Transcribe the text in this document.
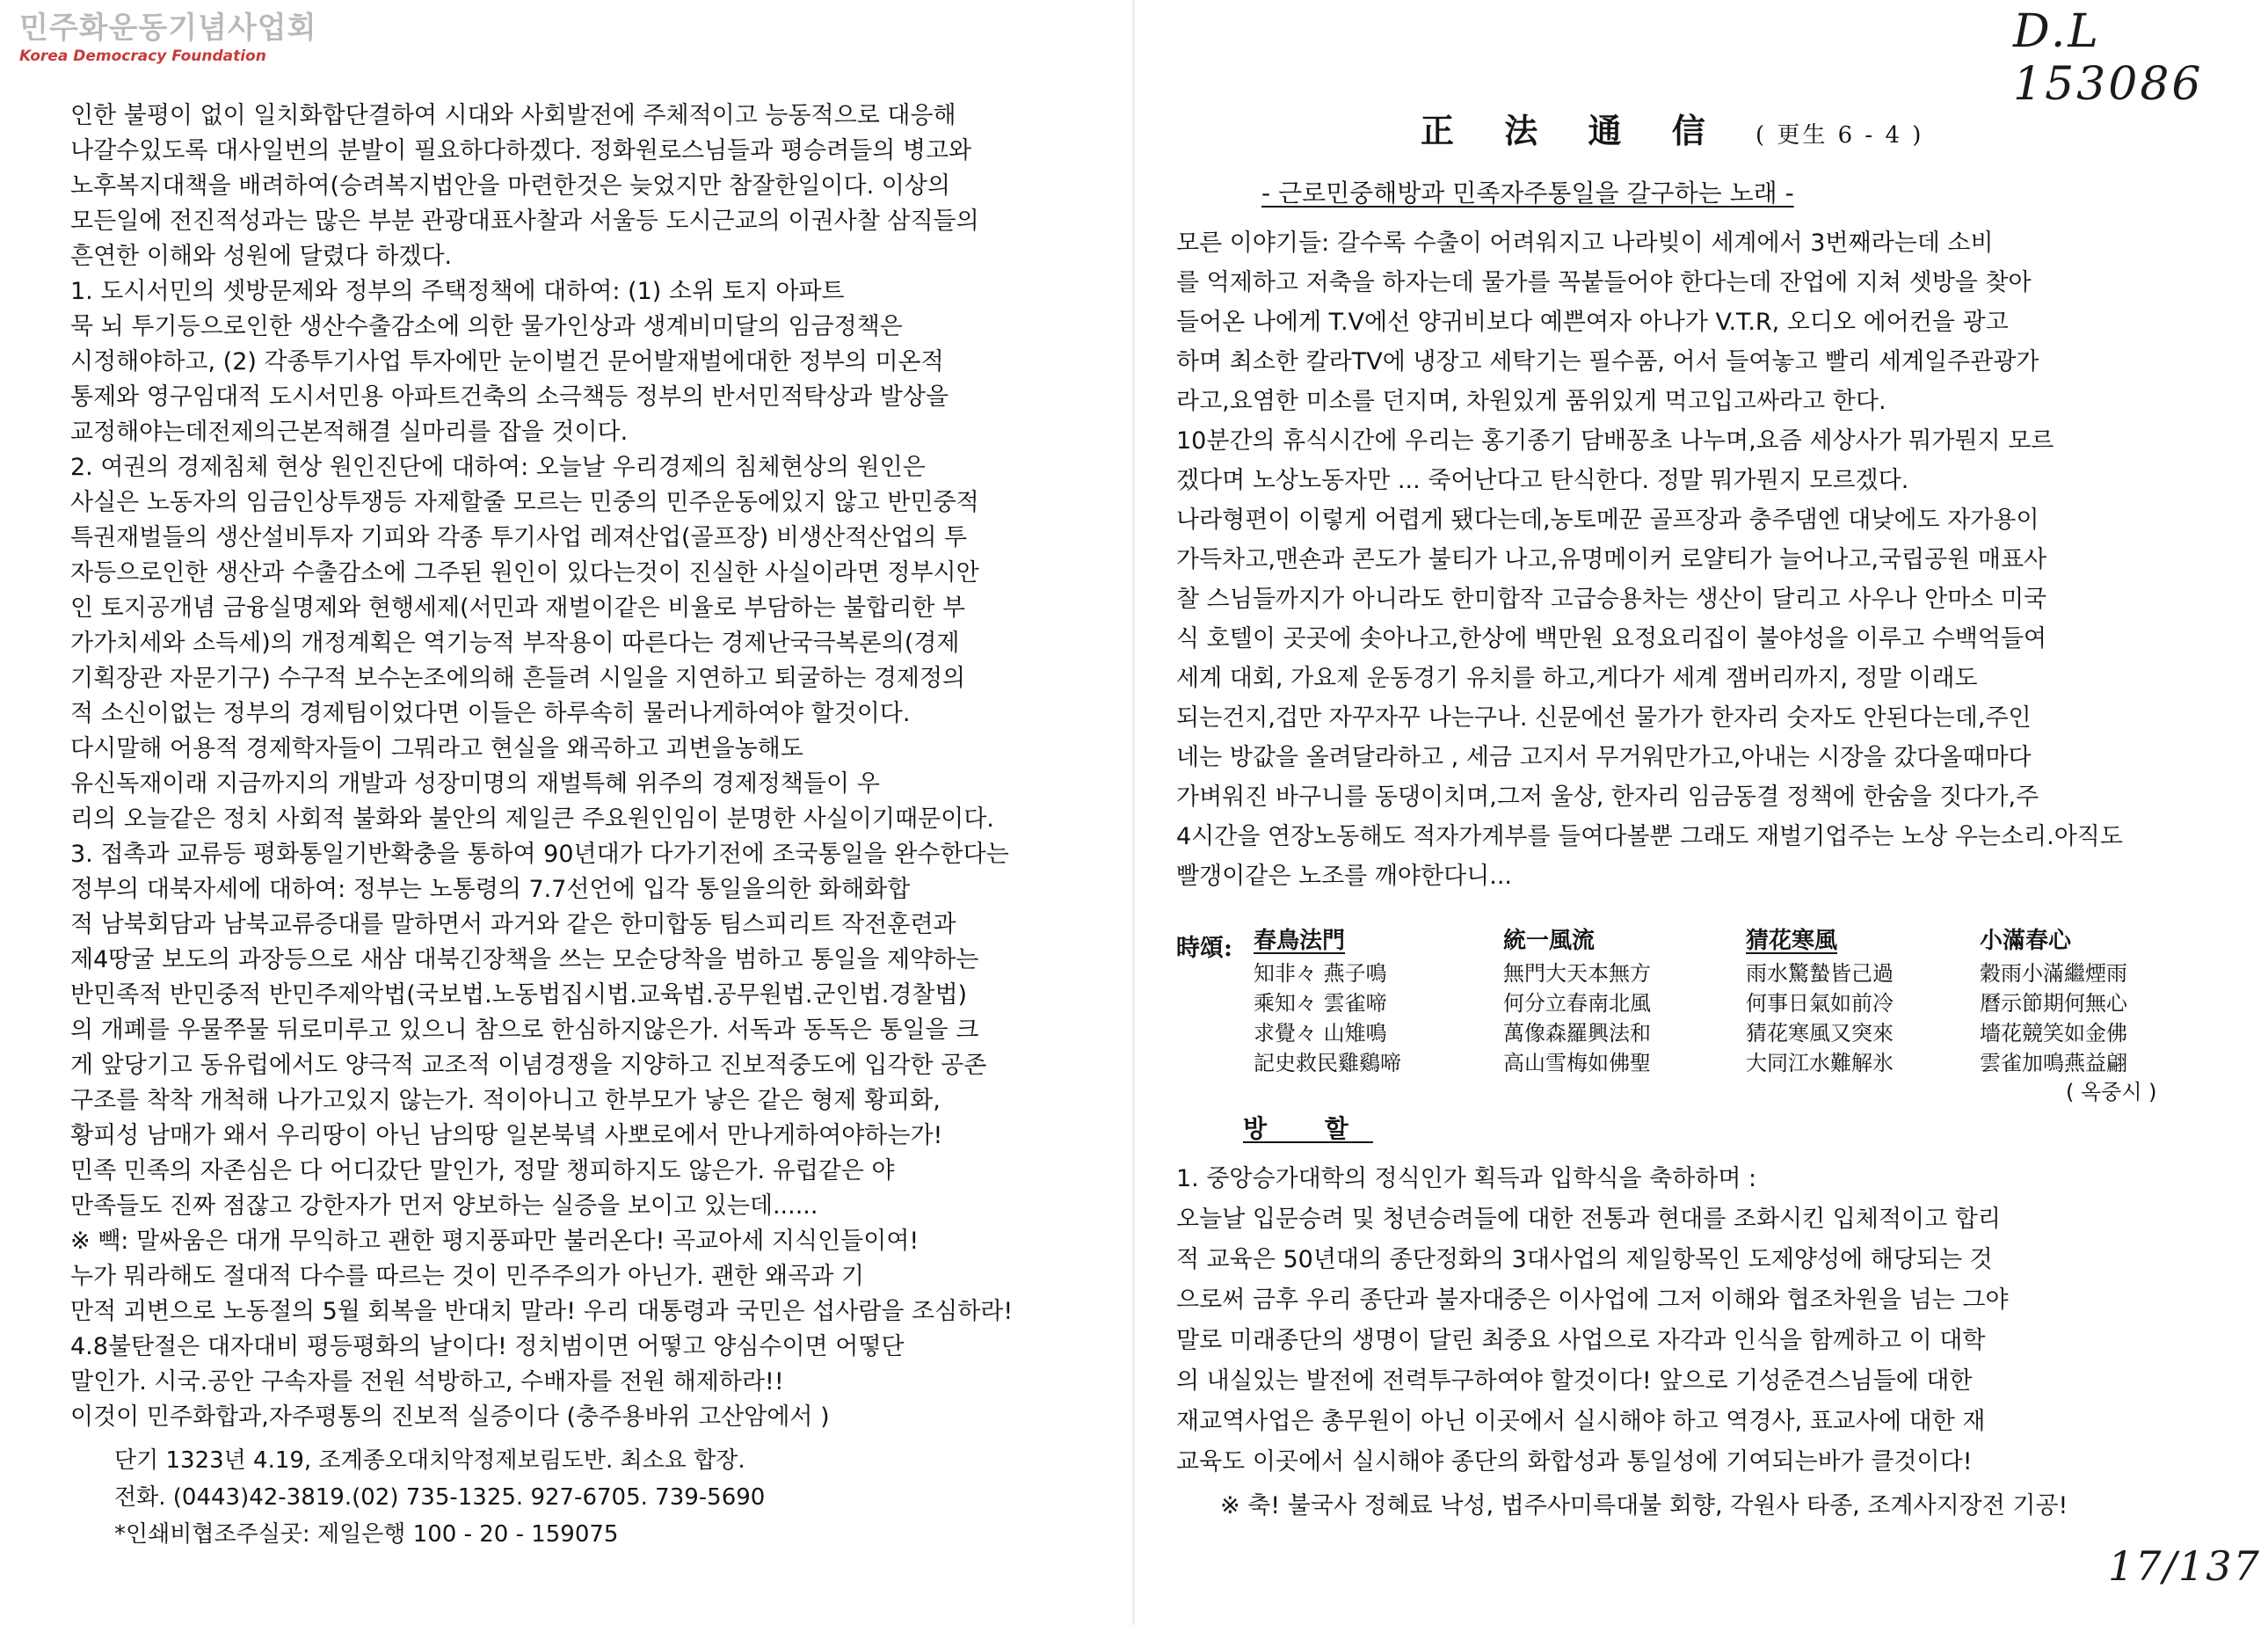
민주화운동기념사업회
Korea Democracy Foundation
인한 불평이 없이 일치화합단결하여 시대와 사회발전에 주체적이고 능동적으로 대응해
나갈수있도록 대사일번의 분발이 필요하다하겠다. 정화원로스님들과 평승려들의 병고와
노후복지대책을 배려하여(승려복지법안을 마련한것은 늦었지만 참잘한일이다. 이상의
모든일에 전진적성과는 많은 부분 관광대표사찰과 서울등 도시근교의 이권사찰 삼직들의
흔연한 이해와 성원에 달렸다 하겠다.
1. 도시서민의 셋방문제와 정부의 주택정책에 대하여: (1) 소위 토지 아파트
묵 뇌 투기등으로인한 생산수출감소에 의한 물가인상과 생계비미달의 임금정책은
시정해야하고, (2) 각종투기사업 투자에만 눈이벌건 문어발재벌에대한 정부의 미온적
통제와 영구임대적 도시서민용 아파트건축의 소극책등 정부의 반서민적탁상과 발상을
교정해야는데전제의근본적해결 실마리를 잡을 것이다.
2. 여권의 경제침체 현상 원인진단에 대하여: 오늘날 우리경제의 침체현상의 원인은
사실은 노동자의 임금인상투쟁등 자제할줄 모르는 민중의 민주운동에있지 않고 반민중적
특권재벌들의 생산설비투자 기피와 각종 투기사업 레져산업(골프장) 비생산적산업의 투
자등으로인한 생산과 수출감소에 그주된 원인이 있다는것이 진실한 사실이라면 정부시안
인 토지공개념 금융실명제와 현행세제(서민과 재벌이같은 비율로 부담하는 불합리한 부
가가치세와 소득세)의 개정계획은 역기능적 부작용이 따른다는 경제난국극복론의(경제
기획장관 자문기구) 수구적 보수논조에의해 흔들려 시일을 지연하고 퇴굴하는 경제정의
적 소신이없는 정부의 경제팀이었다면 이들은 하루속히 물러나게하여야 할것이다.
다시말해 어용적 경제학자들이 그뭐라고 현실을 왜곡하고 괴변을농해도
유신독재이래 지금까지의 개발과 성장미명의 재벌특혜 위주의 경제정책들이 우
리의 오늘같은 정치 사회적 불화와 불안의 제일큰 주요원인임이 분명한 사실이기때문이다.
3. 접촉과 교류등 평화통일기반확충을 통하여 90년대가 다가기전에 조국통일을 완수한다는
정부의 대북자세에 대하여: 정부는 노통령의 7.7선언에 입각 통일을의한 화해화합
적 남북회담과 남북교류증대를 말하면서 과거와 같은 한미합동 팀스피리트 작전훈련과
제4땅굴 보도의 과장등으로 새삼 대북긴장책을 쓰는 모순당착을 범하고 통일을 제약하는
반민족적 반민중적 반민주제악법(국보법.노동법집시법.교육법.공무원법.군인법.경찰법)
의 개폐를 우물쭈물 뒤로미루고 있으니 참으로 한심하지않은가. 서독과 동독은 통일을 크
게 앞당기고 동유럽에서도 양극적 교조적 이념경쟁을 지양하고 진보적중도에 입각한 공존
구조를 착착 개척해 나가고있지 않는가. 적이아니고 한부모가 낳은 같은 형제 황피화,
황피성 남매가 왜서 우리땅이 아닌 남의땅 일본북녘 사뽀로에서 만나게하여야하는가!
민족 민족의 자존심은 다 어디갔단 말인가, 정말 챙피하지도 않은가. 유럽같은 야
만족들도 진짜 점잖고 강한자가 먼저 양보하는 실증을 보이고 있는데......
※ 빽: 말싸움은 대개 무익하고 괜한 평지풍파만 불러온다! 곡교아세 지식인들이여!
누가 뭐라해도 절대적 다수를 따르는 것이 민주주의가 아닌가. 괜한 왜곡과 기
만적 괴변으로 노동절의 5월 회복을 반대치 말라! 우리 대통령과 국민은 섭사람을 조심하라!
4.8불탄절은 대자대비 평등평화의 날이다! 정치범이면 어떻고 양심수이면 어떻단
말인가. 시국.공안 구속자를 전원 석방하고, 수배자를 전원 해제하라!!
이것이 민주화합과,자주평통의 진보적 실증이다 (충주용바위 고산암에서 )
단기 1323년 4.19, 조계종오대치악정제보림도반. 최소요 합장.
전화. (0443)42-3819.(02) 735-1325. 927-6705. 739-5690
*인쇄비협조주실곳: 제일은행 100 - 20 - 159075
D.L 153086
正 法 通 信 ( 更生 6 - 4 )
- 근로민중해방과 민족자주통일을 갈구하는 노래 -
모른 이야기들: 갈수록 수출이 어려워지고 나라빚이 세계에서 3번째라는데 소비
를 억제하고 저축을 하자는데 물가를 꼭붙들어야 한다는데 잔업에 지쳐 셋방을 찾아
들어온 나에게 T.V에선 양귀비보다 예쁜여자 아나가 V.T.R, 오디오 에어컨을 광고
하며 최소한 칼라TV에 냉장고 세탁기는 필수품, 어서 들여놓고 빨리 세계일주관광가
라고,요염한 미소를 던지며, 차원있게 품위있게 먹고입고싸라고 한다.
10분간의 휴식시간에 우리는 홍기종기 담배꽁초 나누며,요즘 세상사가 뭐가뭔지 모르
겠다며 노상노동자만 ... 죽어난다고 탄식한다. 정말 뭐가뭔지 모르겠다.
나라형편이 이렇게 어렵게 됐다는데,농토메꾼 골프장과 충주댐엔 대낮에도 자가용이
가득차고,맨숀과 콘도가 불티가 나고,유명메이커 로얄티가 늘어나고,국립공원 매표사
찰 스님들까지가 아니라도 한미합작 고급승용차는 생산이 달리고 사우나 안마소 미국
식 호텔이 곳곳에 솟아나고,한상에 백만원 요정요리집이 불야성을 이루고 수백억들여
세계 대회, 가요제 운동경기 유치를 하고,게다가 세계 잼버리까지, 정말 이래도
되는건지,겁만 자꾸자꾸 나는구나. 신문에선 물가가 한자리 숫자도 안된다는데,주인
네는 방값을 올려달라하고 , 세금 고지서 무거워만가고,아내는 시장을 갔다올때마다
가벼워진 바구니를 동댕이치며,그저 울상, 한자리 임금동결 정책에 한숨을 짓다가,주
4시간을 연장노동해도 적자가계부를 들여다볼뿐 그래도 재벌기업주는 노상 우는소리.아직도
빨갱이같은 노조를 깨야한다니...
時頌: 春鳥法門
知非々 燕子鳴
乘知々 雲雀啼
求覺々 山雉鳴
記史救民雞鷄啼
統一風流
無門大天本無方
何分立春南北風
萬像森羅興法和
高山雪梅如佛聖
猜花寒風
雨水驚蟄皆己過
何事日氣如前冷
猜花寒風又突來
大同江水難解氷
小滿春心
穀雨小滿繼煙雨
曆示節期何無心
墻花競笑如金佛
雲雀加鳴燕益翩
( 옥중시 )
방 할
1. 중앙승가대학의 정식인가 획득과 입학식을 축하하며 :
오늘날 입문승려 및 청년승려들에 대한 전통과 현대를 조화시킨 입체적이고 합리
적 교육은 50년대의 종단정화의 3대사업의 제일항목인 도제양성에 해당되는 것
으로써 금후 우리 종단과 불자대중은 이사업에 그저 이해와 협조차원을 넘는 그야
말로 미래종단의 생명이 달린 최중요 사업으로 자각과 인식을 함께하고 이 대학
의 내실있는 발전에 전력투구하여야 할것이다! 앞으로 기성준견스님들에 대한
재교역사업은 총무원이 아닌 이곳에서 실시해야 하고 역경사, 표교사에 대한 재
교육도 이곳에서 실시해야 종단의 화합성과 통일성에 기여되는바가 클것이다!
※ 축! 불국사 정혜료 낙성, 법주사미륵대불 회향, 각원사 타종, 조계사지장전 기공!
17/137
